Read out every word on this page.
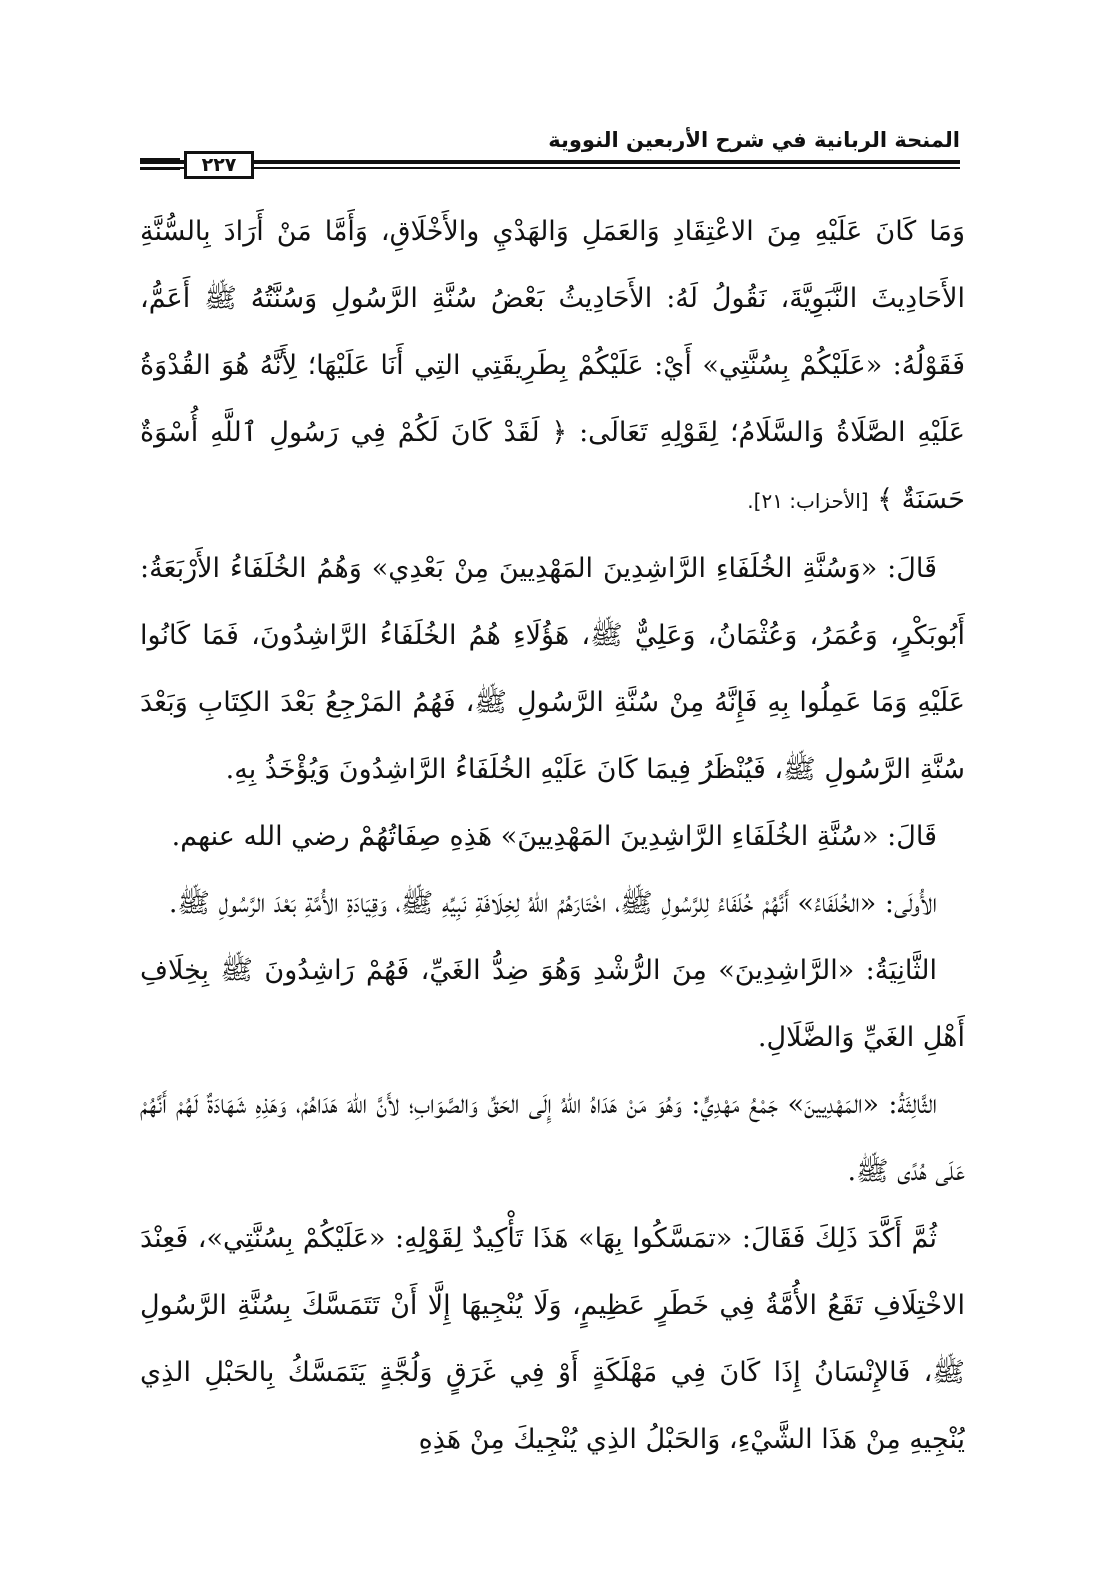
المنحة الربانية في شرح الأربعين النووية
٢٢٧

وَمَا كَانَ عَلَيْهِ مِنَ الاعْتِقَادِ وَالعَمَلِ وَالهَدْيِ والأَخْلَاقِ، وَأَمَّا مَنْ أَرَادَ بِالسُّنَّةِ الأَحَادِيثَ النَّبَوِيَّةَ، نَقُولُ لَهُ: الأَحَادِيثُ بَعْضُ سُنَّةِ الرَّسُولِ وَسُنَّتُهُ ﷺ أَعَمُّ، فَقَوْلُهُ: «عَلَيْكُمْ بِسُنَّتِي» أَيْ: عَلَيْكُمْ بِطَرِيقَتِي التِي أَنَا عَلَيْهَا؛ لِأَنَّهُ هُوَ القُدْوَةُ عَلَيْهِ الصَّلَاةُ وَالسَّلَامُ؛ لِقَوْلِهِ تَعَالَى: ﴿ لَقَدْ كَانَ لَكُمْ فِي رَسُولِ ٱللَّهِ أُسْوَةٌ حَسَنَةٌ ﴾ [الأحزاب: ٢١].

قَالَ: «وَسُنَّةِ الخُلَفَاءِ الرَّاشِدِينَ المَهْدِيينَ مِنْ بَعْدِي» وَهُمُ الخُلَفَاءُ الأَرْبَعَةُ: أَبُوبَكْرٍ، وَعُمَرُ، وَعُثْمَانُ، وَعَلِيٌّ ﷺ، هَؤُلَاءِ هُمُ الخُلَفَاءُ الرَّاشِدُونَ، فَمَا كَانُوا عَلَيْهِ وَمَا عَمِلُوا بِهِ فَإِنَّهُ مِنْ سُنَّةِ الرَّسُولِ ﷺ، فَهُمُ المَرْجِعُ بَعْدَ الكِتَابِ وَبَعْدَ سُنَّةِ الرَّسُولِ ﷺ، فَيُنْظَرُ فِيمَا كَانَ عَلَيْهِ الخُلَفَاءُ الرَّاشِدُونَ وَيُؤْخَذُ بِهِ.

قَالَ: «سُنَّةِ الخُلَفَاءِ الرَّاشِدِينَ المَهْدِيينَ» هَذِهِ صِفَاتُهُمْ رضي الله عنهم.

الأُولَى: «الخُلَفَاءُ» أَنَّهُمْ خُلَفَاءُ لِلرَّسُولِ ﷺ، اخْتَارَهُمُ اللهُ لِخِلَافَةِ نَبِيِّهِ ﷺ، وَقِيَادَةِ الأُمَّةِ بَعْدَ الرَّسُولِ ﷺ.

الثَّانِيَةُ: «الرَّاشِدِينَ» مِنَ الرُّشْدِ وَهُوَ ضِدُّ الغَيِّ، فَهُمْ رَاشِدُونَ ﷺ بِخِلَافِ أَهْلِ الغَيِّ وَالضَّلَالِ.

الثَّالِثَةُ: «المَهْدِيينَ» جَمْعُ مَهْدِيٍّ: وَهُوَ مَنْ هَدَاهُ اللهُ إِلَى الحَقِّ وَالصَّوَابِ؛ لأَنَّ اللهَ هَدَاهُمْ، وَهَذِهِ شَهَادَةٌ لَهُمْ أَنَّهُمْ عَلَى هُدًى ﷺ.

ثُمَّ أَكَّدَ ذَلِكَ فَقَالَ: «تمَسَّكُوا بِهَا» هَذَا تَأْكِيدٌ لِقَوْلِهِ: «عَلَيْكُمْ بِسُنَّتِي»، فَعِنْدَ الاخْتِلَافِ تَقَعُ الأُمَّةُ فِي خَطَرٍ عَظِيمٍ، وَلَا يُنْجِيهَا إِلَّا أَنْ تَتَمَسَّكَ بِسُنَّةِ الرَّسُولِ ﷺ، فَالإِنْسَانُ إِذَا كَانَ فِي مَهْلَكَةٍ أَوْ فِي غَرَقٍ وَلُجَّةٍ يَتَمَسَّكُ بِالحَبْلِ الذِي يُنْجِيهِ مِنْ هَذَا الشَّيْءِ، وَالحَبْلُ الذِي يُنْجِيكَ مِنْ هَذِهِ
